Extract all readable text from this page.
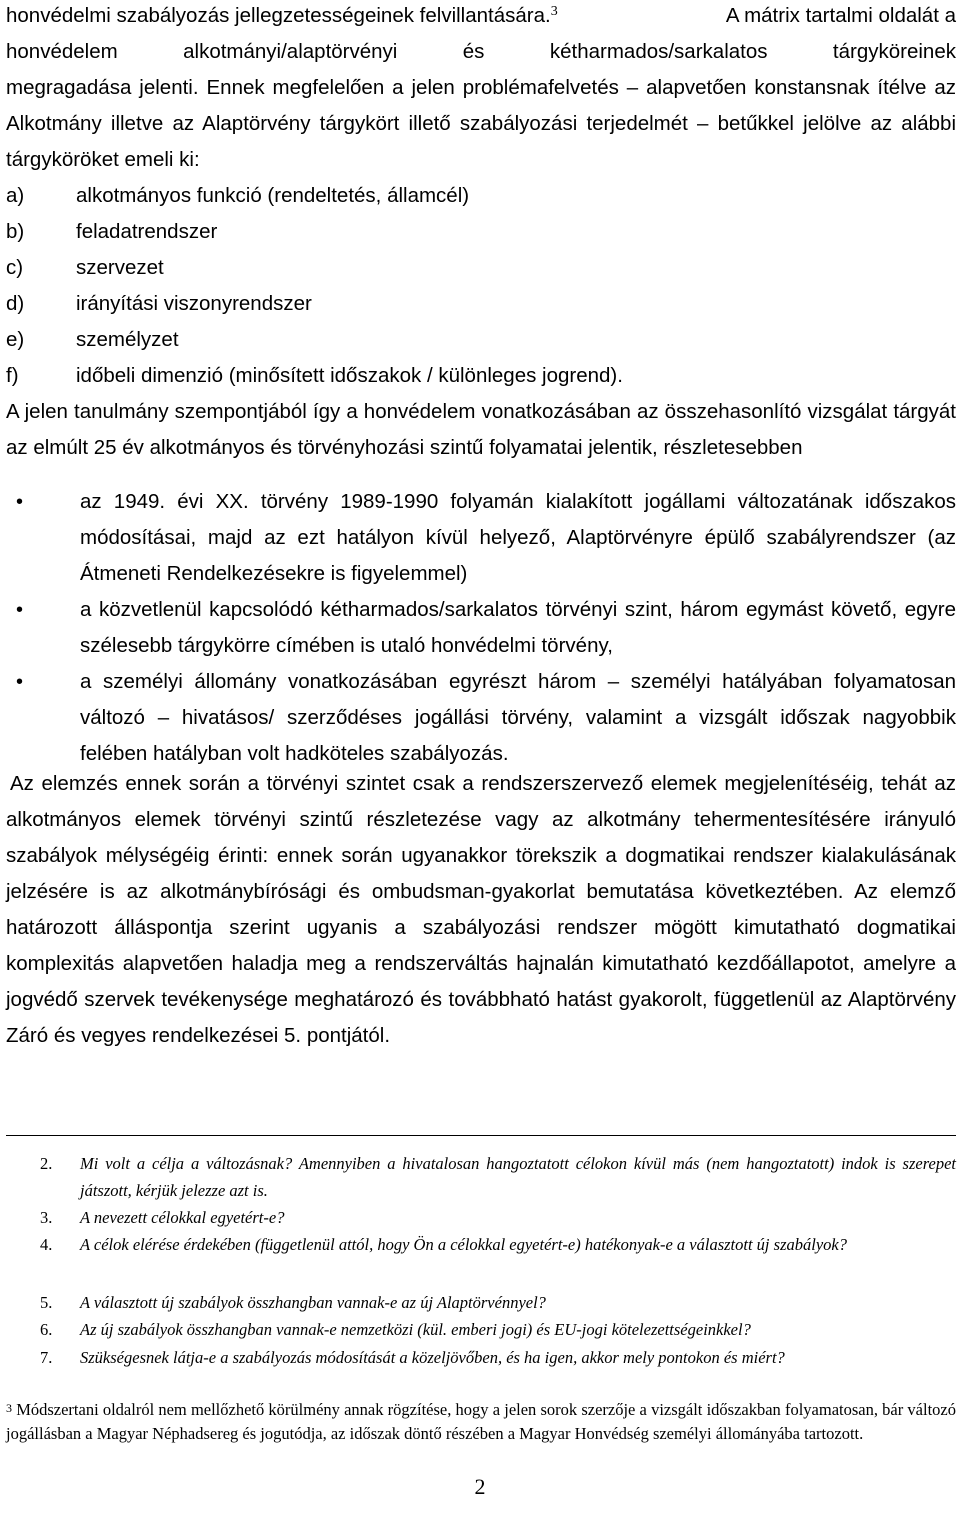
honvédelmi szabályozás jellegzetességeinek felvillantására.$^3$	A mátrix tartalmi oldalát a
honvédelem	alkotmányi/alaptörvényi	és	kétharmados/sarkalatos	tárgyköreinek

megragadása jelenti. Ennek megfelelően a jelen problémafelvetés – alapvetően konstansnak ítélve az Alkotmány illetve az Alaptörvény tárgykört illető szabályozási terjedelmét – betűkkel jelölve az alábbi tárgyköröket emeli ki:

a)	alkotmányos funkció (rendeltetés, államcél)
b)	feladatrendszer
c)	szervezet
d)	irányítási viszonyrendszer
e)	személyzet
f)	időbeli dimenzió (minősített időszakok / különleges jogrend).

A jelen tanulmány szempontjából így a honvédelem vonatkozásában az összehasonlító vizsgálat tárgyát az elmúlt 25 év alkotmányos és törvényhozási szintű folyamatai jelentik, részletesebben

•	az 1949. évi XX. törvény 1989-1990 folyamán kialakított jogállami változatának időszakos módosításai, majd az ezt hatályon kívül helyező, Alaptörvényre épülő szabályrendszer (az Átmeneti Rendelkezésekre is figyelemmel)

•	a közvetlenül kapcsolódó kétharmados/sarkalatos törvényi szint, három egymást követő, egyre szélesebb tárgykörre címében is utaló honvédelmi törvény,

•	a személyi állomány vonatkozásában egyrészt három – személyi hatályában folyamatosan változó – hivatásos/ szerződéses jogállási törvény, valamint a vizsgált időszak nagyobbik felében hatályban volt hadköteles szabályozás.

Az elemzés ennek során a törvényi szintet csak a rendszerszervező elemek megjelenítéséig, tehát az alkotmányos elemek törvényi szintű részletezése vagy az alkotmány tehermentesítésére irányuló szabályok mélységéig érinti: ennek során ugyanakkor törekszik a dogmatikai rendszer kialakulásának jelzésére is az alkotmánybírósági és ombudsman-gyakorlat bemutatása következtében. Az elemző határozott álláspontja szerint ugyanis a szabályozási rendszer mögött kimutatható dogmatikai komplexitás alapvetően haladja meg a rendszerváltás hajnalán kimutatható kezdőállapotot, amelyre a jogvédő szervek tevékenysége meghatározó és továbbható hatást gyakorolt, függetlenül az Alaptörvény Záró és vegyes rendelkezései 5. pontjától.

2. Mi volt a célja a változásnak? Amennyiben a hivatalosan hangoztatott célokon kívül más (nem hangoztatott) indok is szerepet játszott, kérjük jelezze azt is.
3. A nevezett célokkal egyetért-e?
4. A célok elérése érdekében (függetlenül attól, hogy Ön a célokkal egyetért-e) hatékonyak-e a választott új szabályok?
5. A választott új szabályok összhangban vannak-e az új Alaptörvénnyel?
6. Az új szabályok összhangban vannak-e nemzetközi (kül. emberi jogi) és EU-jogi kötelezettségeinkkel?
7. Szükségesnek látja-e a szabályozás módosítását a közeljövőben, és ha igen, akkor mely pontokon és miért?
$^3$ Módszertani oldalról nem mellőzhető körülmény annak rögzítése, hogy a jelen sorok szerzője a vizsgált időszakban folyamatosan, bár változó jogállásban a Magyar Néphadsereg és jogutódja, az időszak döntő részében a Magyar Honvédség személyi állományába tartozott.
2
